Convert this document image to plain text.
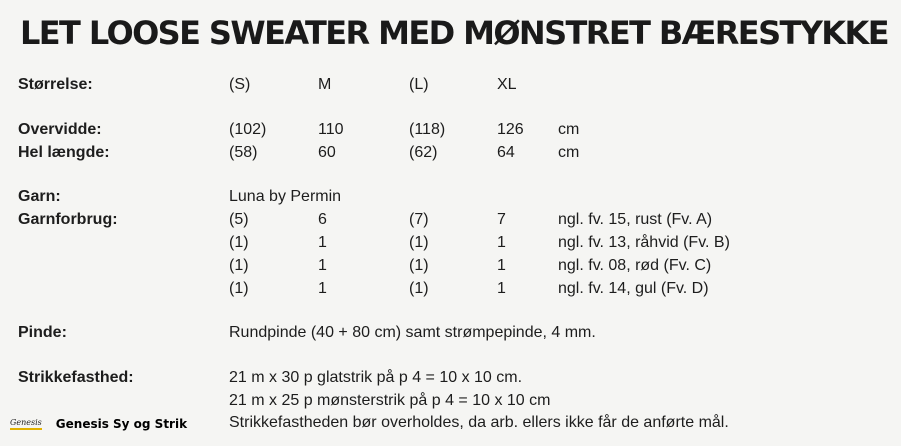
LET LOOSE SWEATER MED MØNSTRET BÆRESTYKKE
Størrelse:	(S)	M	(L)	XL
Overvidde:	(102)	110	(118)	126 cm
Hel længde:	(58)	60	(62)	64	cm
Garn:	Luna by Permin
Garnforbrug:	(5)	6	(7)	7	ngl. fv. 15, rust (Fv. A)
(1)	1	(1)	1	ngl. fv. 13, råhvid (Fv. B)
(1)	1	(1)	1	ngl. fv. 08, rød (Fv. C)
(1)	1	(1)	1	ngl. fv. 14, gul (Fv. D)
Pinde:	Rundpinde (40 + 80 cm) samt strømpepinde, 4 mm.
Strikkefasthed:	21 m x 30 p glatstrik på p 4 = 10 x 10 cm.
21 m x 25 p mønsterstrik på p 4 = 10 x 10 cm
Strikkefastheden bør overholdes, da arb. ellers ikke får de anførte mål.
Genesis Genesis Sy og Strik
